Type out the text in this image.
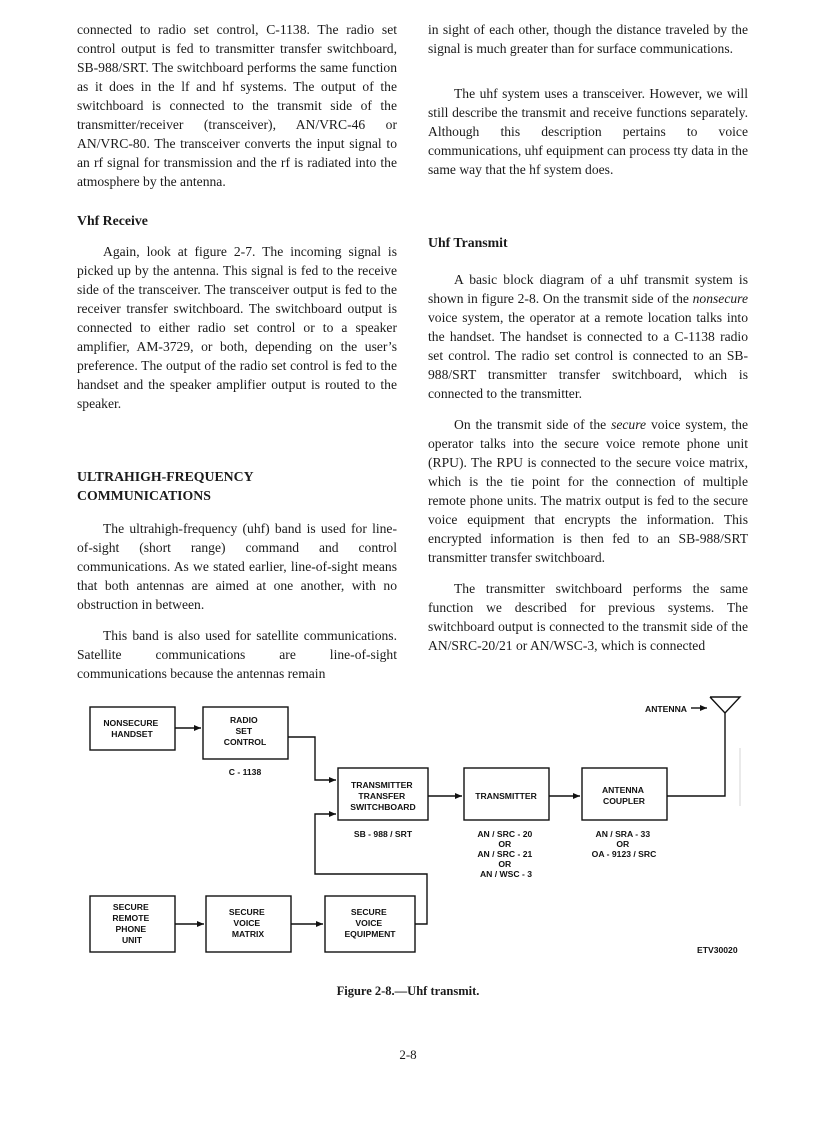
connected to radio set control, C-1138. The radio set control output is fed to transmitter transfer switchboard, SB-988/SRT. The switchboard performs the same function as it does in the lf and hf systems. The output of the switchboard is connected to the transmit side of the transmitter/receiver (transceiver), AN/VRC-46 or AN/VRC-80. The transceiver converts the input signal to an rf signal for transmission and the rf is radiated into the atmosphere by the antenna.

Vhf Receive

Again, look at figure 2-7. The incoming signal is picked up by the antenna. This signal is fed to the receive side of the transceiver. The transceiver output is fed to the receiver transfer switchboard. The switchboard output is connected to either radio set control or to a speaker amplifier, AM-3729, or both, depending on the user’s preference. The output of the radio set control is fed to the handset and the speaker amplifier output is routed to the speaker.

ULTRAHIGH-FREQUENCY
COMMUNICATIONS

The ultrahigh-frequency (uhf) band is used for line-of-sight (short range) command and control communications. As we stated earlier, line-of-sight means that both antennas are aimed at one another, with no obstruction in between.

This band is also used for satellite communications. Satellite communications are line-of-sight communications because the antennas remain

in sight of each other, though the distance traveled by the signal is much greater than for surface communications.

The uhf system uses a transceiver. However, we will still describe the transmit and receive functions separately. Although this description pertains to voice communications, uhf equipment can process tty data in the same way that the hf system does.

Uhf Transmit

A basic block diagram of a uhf transmit system is shown in figure 2-8. On the transmit side of the nonsecure voice system, the operator at a remote location talks into the handset. The handset is connected to a C-1138 radio set control. The radio set control is connected to an SB-988/SRT transmitter transfer switchboard, which is connected to the transmitter.

On the transmit side of the secure voice system, the operator talks into the secure voice remote phone unit (RPU). The RPU is connected to the secure voice matrix, which is the tie point for the connection of multiple remote phone units. The matrix output is fed to the secure voice equipment that encrypts the information. This encrypted information is then fed to an SB-988/SRT transmitter transfer switchboard.

The transmitter switchboard performs the same function we described for previous systems. The switchboard output is connected to the transmit side of the AN/SRC-20/21 or AN/WSC-3, which is connected

ANTENNA
NONSECURE HANDSET
RADIO SET CONTROL
C - 1138
TRANSMITTER TRANSFER SWITCHBOARD
SB - 988 / SRT
TRANSMITTER
AN / SRC - 20 OR AN / SRC - 21 OR AN / WSC - 3
ANTENNA COUPLER
AN / SRA - 33 OR OA - 9123 / SRC
SECURE REMOTE PHONE UNIT
SECURE VOICE MATRIX
SECURE VOICE EQUIPMENT
ETV30020
Figure 2-8.—Uhf transmit.
2-8
